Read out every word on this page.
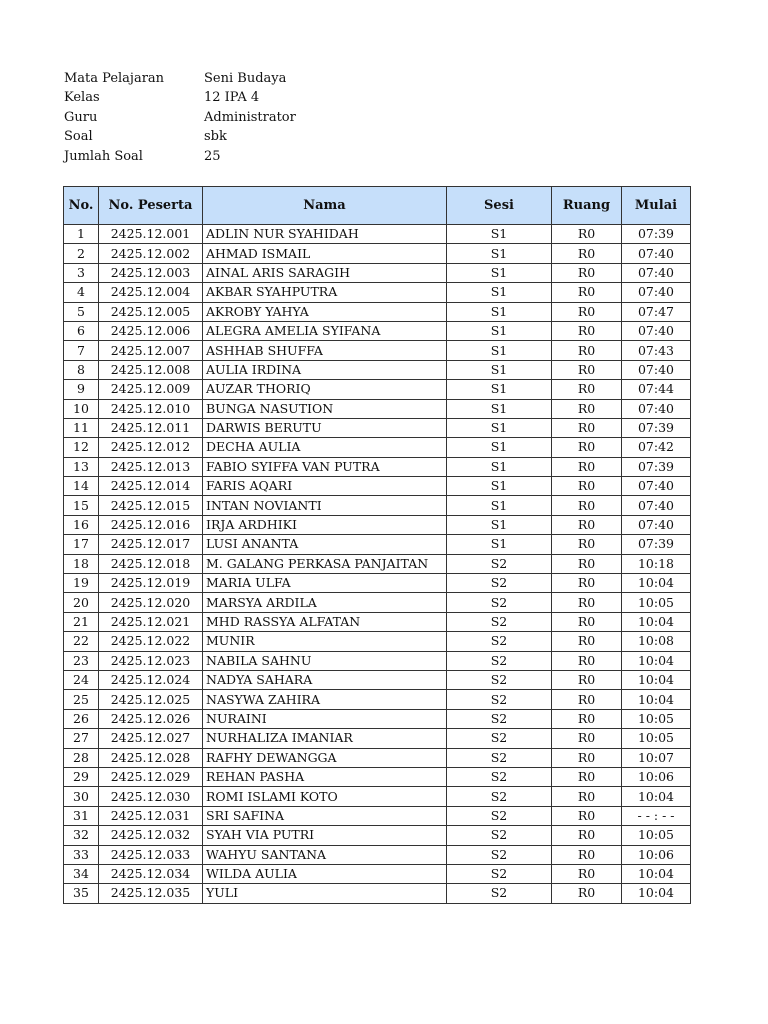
Mata Pelajaran	Seni Budaya
Kelas	12 IPA 4
Guru	Administrator
Soal	sbk
Jumlah Soal	25
No.	No. Peserta	Nama	Sesi	Ruang	Mulai
1	2425.12.001	ADLIN NUR SYAHIDAH	S1	R0	07:39
2	2425.12.002	AHMAD ISMAIL	S1	R0	07:40
3	2425.12.003	AINAL ARIS SARAGIH	S1	R0	07:40
4	2425.12.004	AKBAR SYAHPUTRA	S1	R0	07:40
5	2425.12.005	AKROBY YAHYA	S1	R0	07:47
6	2425.12.006	ALEGRA AMELIA SYIFANA	S1	R0	07:40
7	2425.12.007	ASHHAB SHUFFA	S1	R0	07:43
8	2425.12.008	AULIA IRDINA	S1	R0	07:40
9	2425.12.009	AUZAR THORIQ	S1	R0	07:44
10	2425.12.010	BUNGA NASUTION	S1	R0	07:40
11	2425.12.011	DARWIS BERUTU	S1	R0	07:39
12	2425.12.012	DECHA AULIA	S1	R0	07:42
13	2425.12.013	FABIO SYIFFA VAN PUTRA	S1	R0	07:39
14	2425.12.014	FARIS AQARI	S1	R0	07:40
15	2425.12.015	INTAN NOVIANTI	S1	R0	07:40
16	2425.12.016	IRJA ARDHIKI	S1	R0	07:40
17	2425.12.017	LUSI ANANTA	S1	R0	07:39
18	2425.12.018	M. GALANG PERKASA PANJAITAN	S2	R0	10:18
19	2425.12.019	MARIA ULFA	S2	R0	10:04
20	2425.12.020	MARSYA ARDILA	S2	R0	10:05
21	2425.12.021	MHD RASSYA ALFATAN	S2	R0	10:04
22	2425.12.022	MUNIR	S2	R0	10:08
23	2425.12.023	NABILA SAHNU	S2	R0	10:04
24	2425.12.024	NADYA SAHARA	S2	R0	10:04
25	2425.12.025	NASYWA ZAHIRA	S2	R0	10:04
26	2425.12.026	NURAINI	S2	R0	10:05
27	2425.12.027	NURHALIZA IMANIAR	S2	R0	10:05
28	2425.12.028	RAFHY DEWANGGA	S2	R0	10:07
29	2425.12.029	REHAN PASHA	S2	R0	10:06
30	2425.12.030	ROMI ISLAMI KOTO	S2	R0	10:04
31	2425.12.031	SRI SAFINA	S2	R0	- - : - -
32	2425.12.032	SYAH VIA PUTRI	S2	R0	10:05
33	2425.12.033	WAHYU SANTANA	S2	R0	10:06
34	2425.12.034	WILDA AULIA	S2	R0	10:04
35	2425.12.035	YULI	S2	R0	10:04
